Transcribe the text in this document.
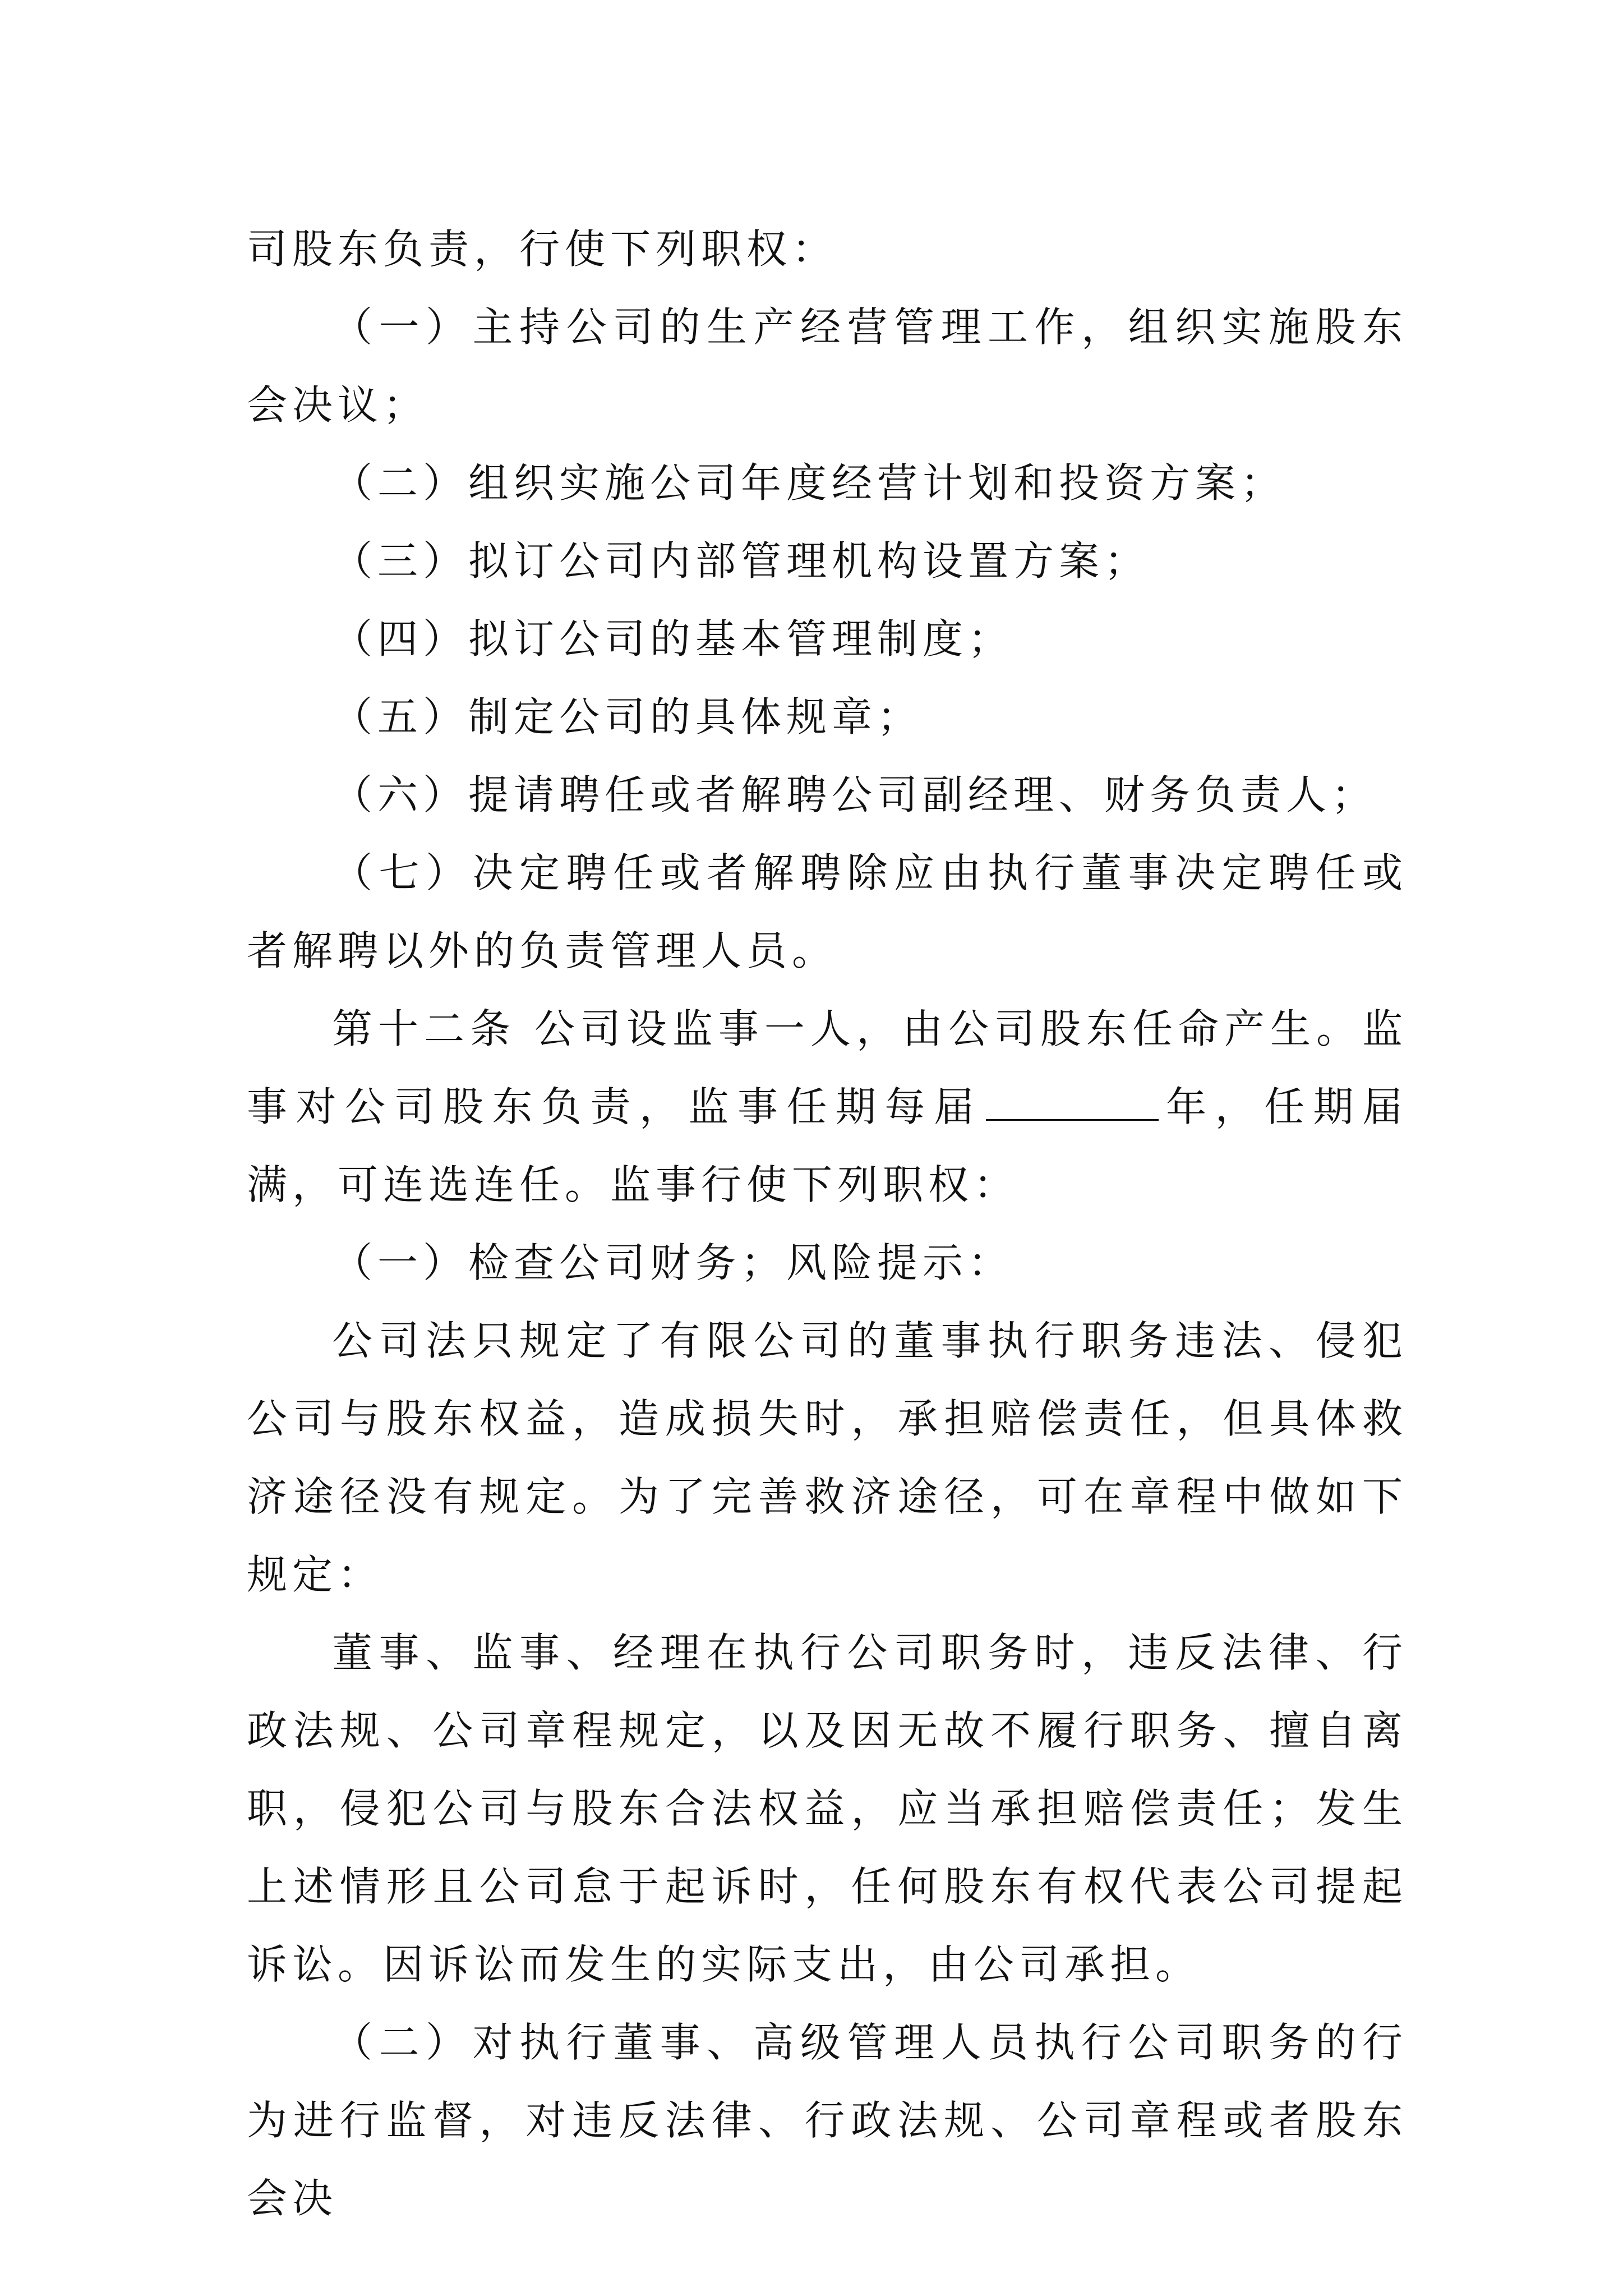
司股东负责，行使下列职权：

（一）主持公司的生产经营管理工作，组织实施股东会决议；

（二）组织实施公司年度经营计划和投资方案；

（三）拟订公司内部管理机构设置方案；

（四）拟订公司的基本管理制度；

（五）制定公司的具体规章；

（六）提请聘任或者解聘公司副经理、财务负责人；

（七）决定聘任或者解聘除应由执行董事决定聘任或者解聘以外的负责管理人员。

第十二条 公司设监事一人，由公司股东任命产生。监事对公司股东负责，监事任期每届	年，任期届满，可连选连任。监事行使下列职权：

（一）检查公司财务；风险提示：

公司法只规定了有限公司的董事执行职务违法、侵犯公司与股东权益，造成损失时，承担赔偿责任，但具体救济途径没有规定。为了完善救济途径，可在章程中做如下规定：

董事、监事、经理在执行公司职务时，违反法律、行政法规、公司章程规定，以及因无故不履行职务、擅自离职，侵犯公司与股东合法权益，应当承担赔偿责任；发生上述情形且公司怠于起诉时，任何股东有权代表公司提起诉讼。因诉讼而发生的实际支出，由公司承担。

（二）对执行董事、高级管理人员执行公司职务的行为进行监督，对违反法律、行政法规、公司章程或者股东会决
